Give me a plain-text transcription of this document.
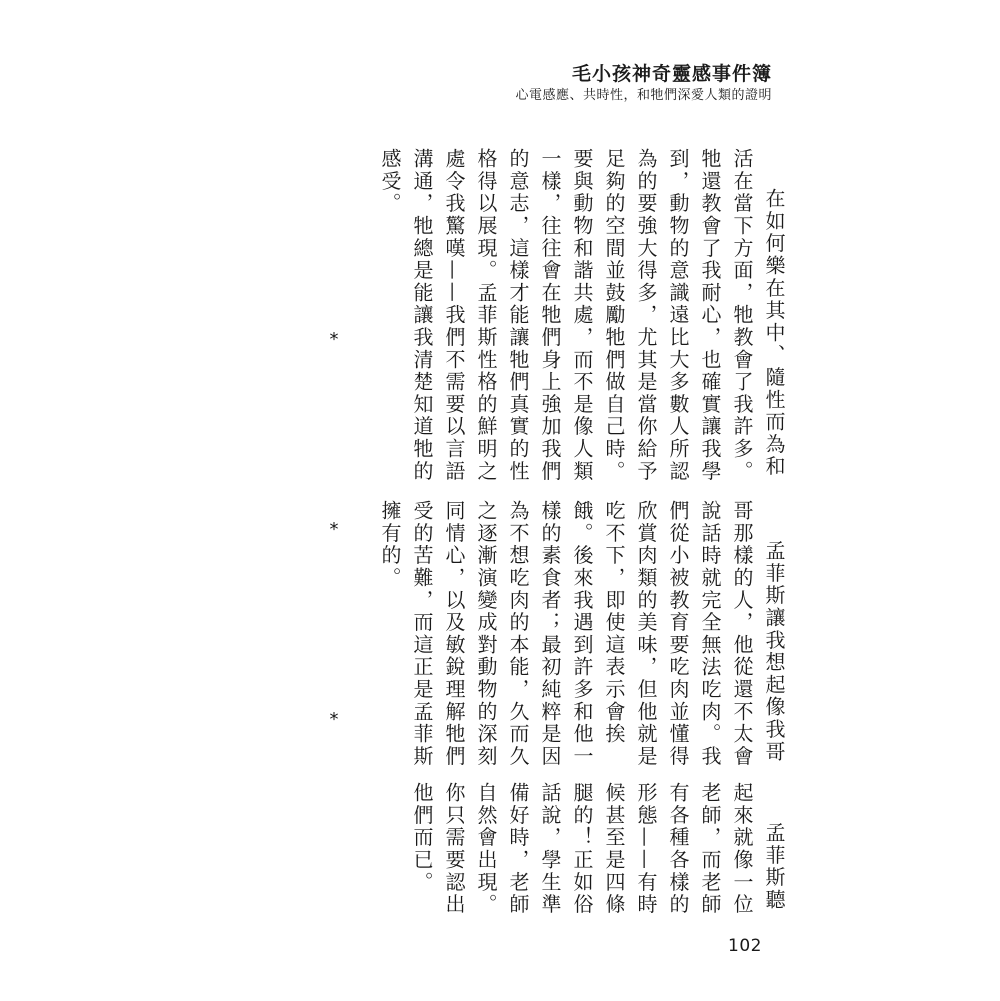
毛小孩神奇靈感事件簿
心電感應、共時性，和牠們深愛人類的證明

在如何樂在其中、隨性而為和活在當下方面，牠教會了我許多。牠還教會了我耐心，也確實讓我學到，動物的意識遠比大多數人所認為的要強大得多，尤其是當你給予足夠的空間並鼓勵牠們做自己時。要與動物和諧共處，而不是像人類一樣，往往會在牠們身上強加我們的意志，這樣才能讓牠們真實的性格得以展現。孟菲斯性格的鮮明之處令我驚嘆——我們不需要以言語溝通，牠總是能讓我清楚知道牠的感受。

孟菲斯讓我想起像我哥哥那樣的人，他從還不太會說話時就完全無法吃肉。我們從小被教育要吃肉並懂得欣賞肉類的美味，但他就是吃不下，即使這表示會挨餓。後來我遇到許多和他一樣的素食者；最初純粹是因為不想吃肉的本能，久而久之逐漸演變成對動物的深刻同情心，以及敏銳理解牠們受的苦難，而這正是孟菲斯擁有的。

孟菲斯聽起來就像一位老師，而老師有各種各樣的形態——有時候甚至是四條腿的！正如俗話說，學生準備好時，老師自然會出現。你只需要認出他們而已。

*
*
*
102
